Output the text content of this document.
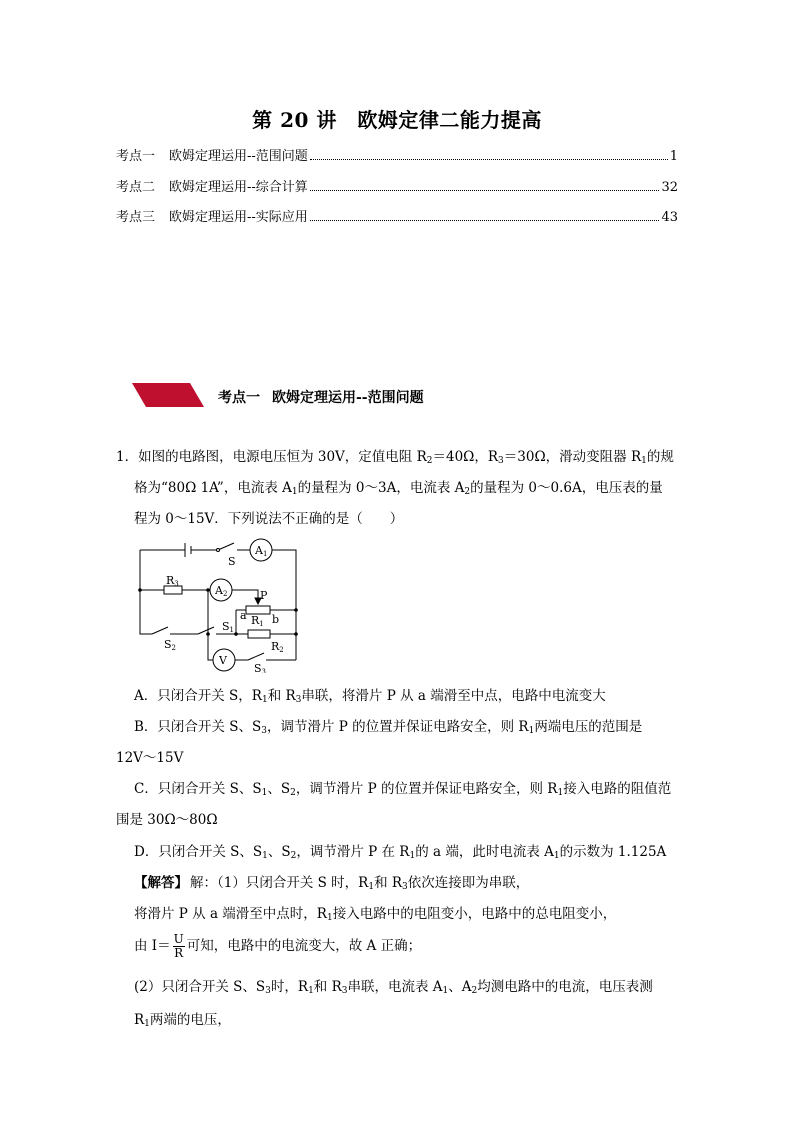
第 20 讲　欧姆定律二能力提高
考点一 欧姆定理运用--范围问题	1
考点二 欧姆定理运用--综合计算	32
考点三 欧姆定理运用--实际应用	43
考点一 欧姆定理运用--范围问题
1．如图的电路图，电源电压恒为 30V，定值电阻 $R_2=40\Omega$，$R_3=30\Omega$，滑动变阻器 $R_1$的规
格为“80Ω 1A”，电流表 $A_1$的量程为 0～3A，电流表 $A_2$的量程为 0～0.6A，电压表的量
程为 0～15V．下列说法不正确的是（　　）
A1
A2
V
S
R3
S1
S2
S3
R1
R2
P
a b
A．只闭合开关 S，$R_1$和 $R_3$串联，将滑片 P 从 a 端滑至中点，电路中电流变大
B．只闭合开关 S、$S_3$，调节滑片 P 的位置并保证电路安全，则 $R_1$两端电压的范围是
12V～15V
C．只闭合开关 S、$S_1$、$S_2$，调节滑片 P 的位置并保证电路安全，则 $R_1$接入电路的阻值范
围是 30Ω～80Ω
D．只闭合开关 S、$S_1$、$S_2$，调节滑片 P 在 $R_1$的 a 端，此时电流表 $A_1$的示数为 1.125A
【解答】 解：（1）只闭合开关 S 时，$R_1$和 $R_3$依次连接即为串联，
将滑片 P 从 a 端滑至中点时，$R_1$接入电路中的电阻变小，电路中的总电阻变小，
(2）只闭合开关 S、$S_3$时，$R_1$和 $R_3$串联，电流表 $A_1$、$A_2$均测电路中的电流，电压表测
$R_1$两端的电压，
由 $I= \frac{U}{R}$ 可知，电路中的电流变大，故 A 正确；
